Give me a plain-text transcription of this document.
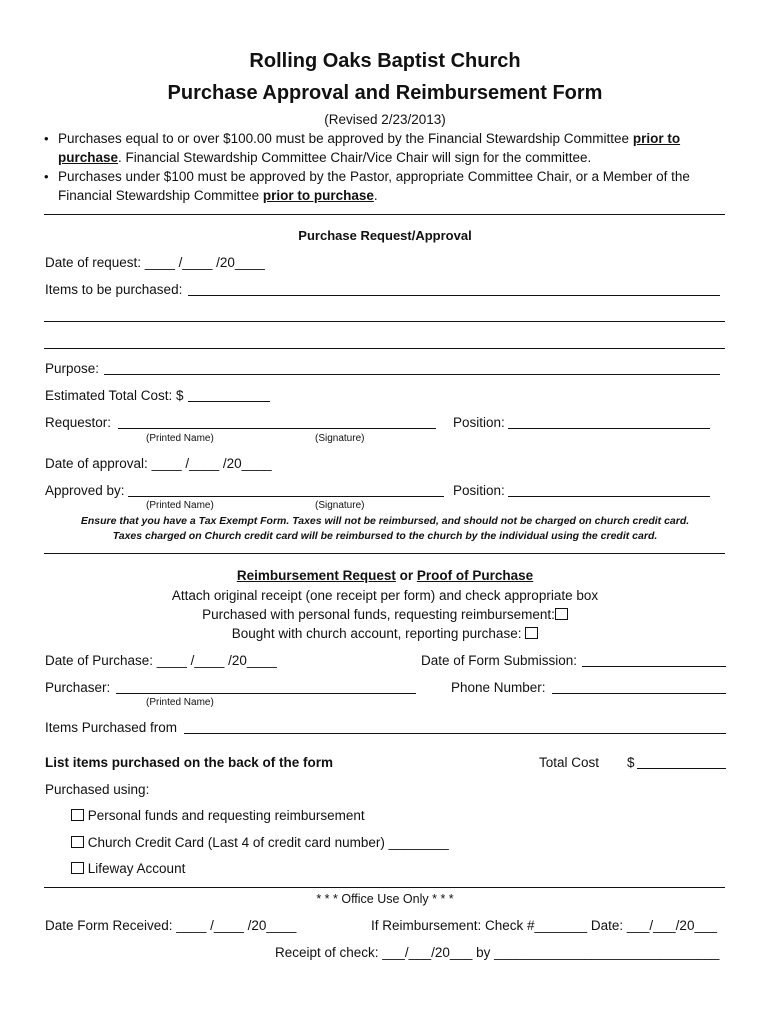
Rolling Oaks Baptist Church
Purchase Approval and Reimbursement Form
(Revised 2/23/2013)
• Purchases equal to or over $100.00 must be approved by the Financial Stewardship Committee prior to
purchase. Financial Stewardship Committee Chair/Vice Chair will sign for the committee.
• Purchases under $100 must be approved by the Pastor, appropriate Committee Chair, or a Member of the
Financial Stewardship Committee prior to purchase.
Purchase Request/Approval
Date of request: ____ /____ /20____
Items to be purchased:
Purpose:
Estimated Total Cost: $
Requestor:	Position:
(Printed Name)	(Signature)
Date of approval: ____ /____ /20____
Approved by:	Position:
(Printed Name)	(Signature)
Ensure that you have a Tax Exempt Form. Taxes will not be reimbursed, and should not be charged on church credit card.
Taxes charged on Church credit card will be reimbursed to the church by the individual using the credit card.
Reimbursement Request or Proof of Purchase
Attach original receipt (one receipt per form) and check appropriate box
Purchased with personal funds, requesting reimbursement:
Bought with church account, reporting purchase:
Date of Purchase: ____ /____ /20____	Date of Form Submission:
Purchaser:	Phone Number:
(Printed Name)
Items Purchased from
List items purchased on the back of the form	Total Cost $
Purchased using:
Personal funds and requesting reimbursement
Church Credit Card (Last 4 of credit card number) ________
Lifeway Account
* * * Office Use Only * * *
Date Form Received: ____ /____ /20____	If Reimbursement: Check #_______ Date: ___/___/20___
Receipt of check: ___/___/20___ by ______________________________
